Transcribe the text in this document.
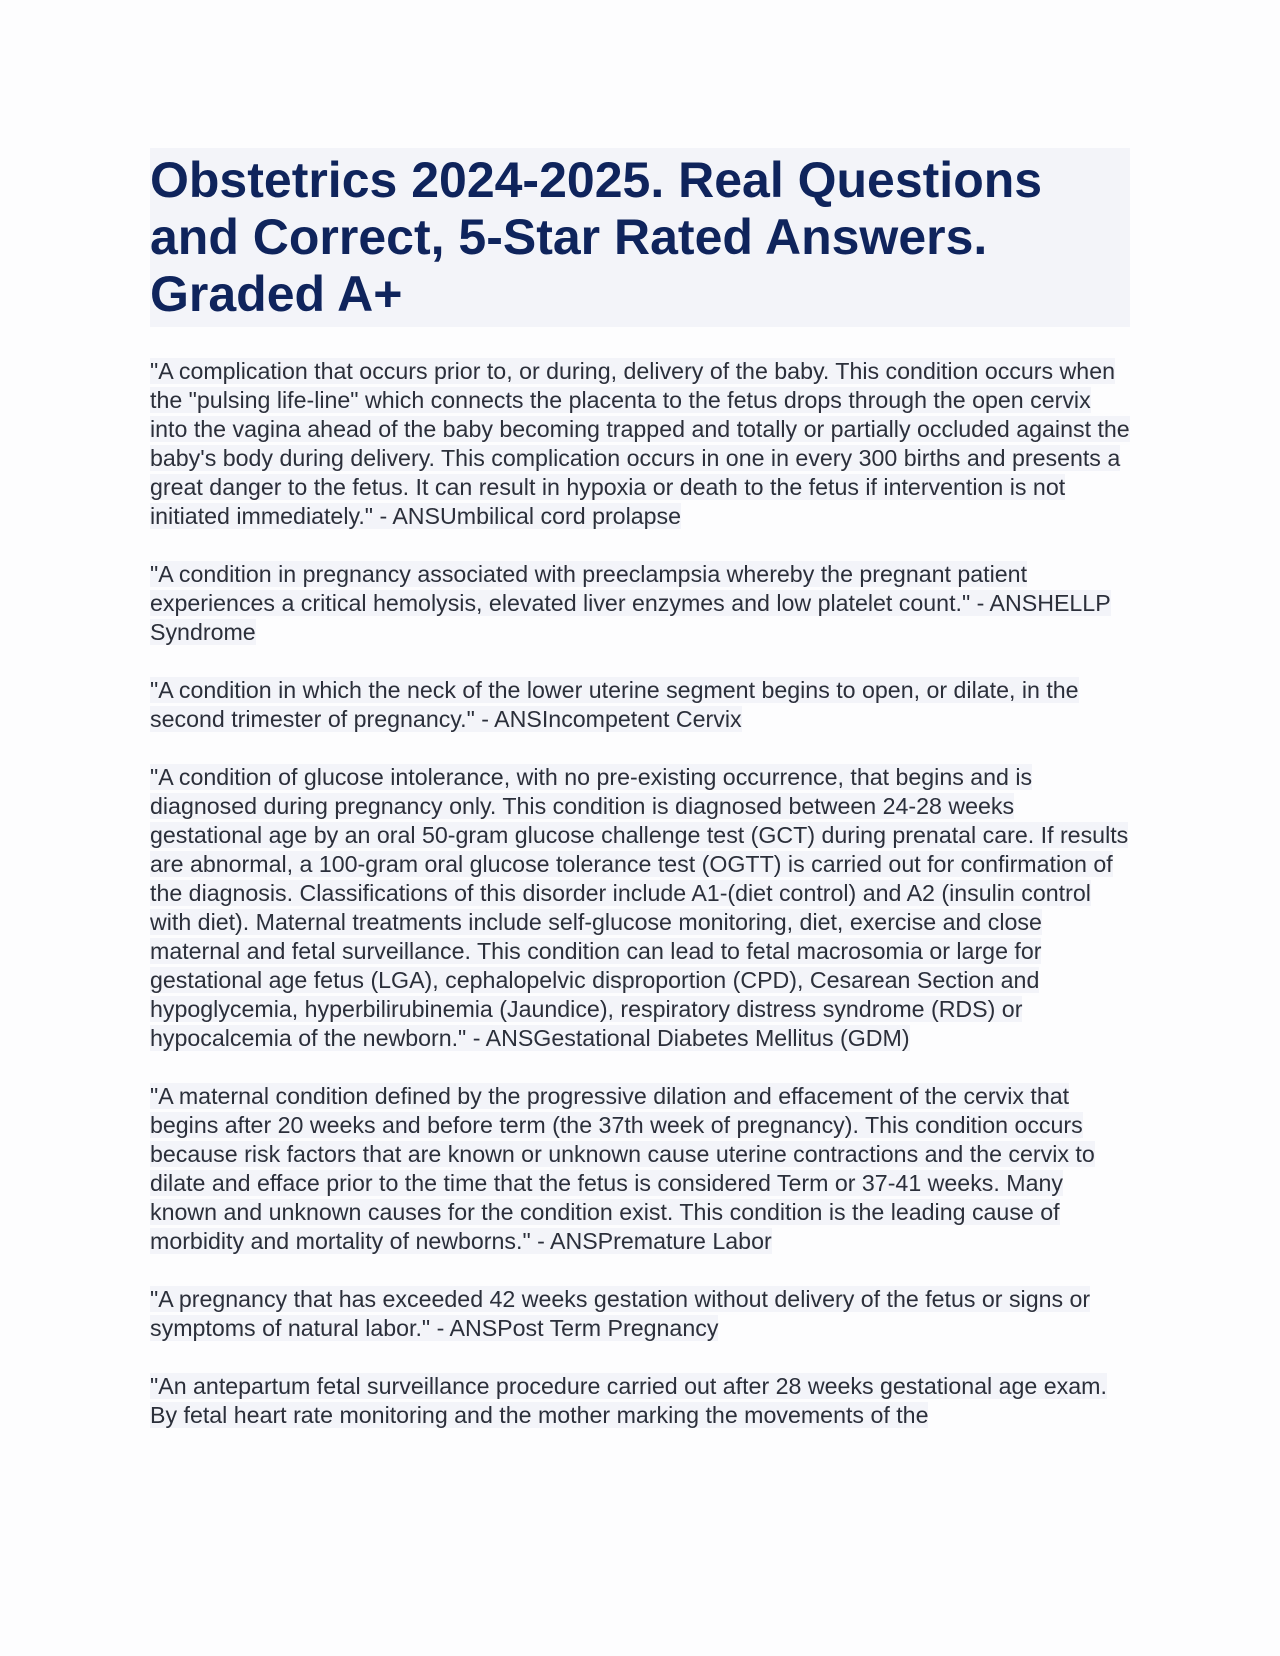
Obstetrics 2024-2025. Real Questions and Correct, 5-Star Rated Answers. Graded A+

"A complication that occurs prior to, or during, delivery of the baby. This condition occurs when the "pulsing life-line" which connects the placenta to the fetus drops through the open cervix into the vagina ahead of the baby becoming trapped and totally or partially occluded against the baby's body during delivery. This complication occurs in one in every 300 births and presents a great danger to the fetus. It can result in hypoxia or death to the fetus if intervention is not initiated immediately." - ANSUmbilical cord prolapse

"A condition in pregnancy associated with preeclampsia whereby the pregnant patient experiences a critical hemolysis, elevated liver enzymes and low platelet count." - ANSHELLP Syndrome

"A condition in which the neck of the lower uterine segment begins to open, or dilate, in the second trimester of pregnancy." - ANSIncompetent Cervix

"A condition of glucose intolerance, with no pre-existing occurrence, that begins and is diagnosed during pregnancy only. This condition is diagnosed between 24-28 weeks gestational age by an oral 50-gram glucose challenge test (GCT) during prenatal care. If results are abnormal, a 100-gram oral glucose tolerance test (OGTT) is carried out for confirmation of the diagnosis. Classifications of this disorder include A1-(diet control) and A2 (insulin control with diet). Maternal treatments include self-glucose monitoring, diet, exercise and close maternal and fetal surveillance. This condition can lead to fetal macrosomia or large for gestational age fetus (LGA), cephalopelvic disproportion (CPD), Cesarean Section and hypoglycemia, hyperbilirubinemia (Jaundice), respiratory distress syndrome (RDS) or hypocalcemia of the newborn." - ANSGestational Diabetes Mellitus (GDM)

"A maternal condition defined by the progressive dilation and effacement of the cervix that begins after 20 weeks and before term (the 37th week of pregnancy). This condition occurs because risk factors that are known or unknown cause uterine contractions and the cervix to dilate and efface prior to the time that the fetus is considered Term or 37-41 weeks. Many known and unknown causes for the condition exist. This condition is the leading cause of morbidity and mortality of newborns." - ANSPremature Labor

"A pregnancy that has exceeded 42 weeks gestation without delivery of the fetus or signs or symptoms of natural labor." - ANSPost Term Pregnancy

"An antepartum fetal surveillance procedure carried out after 28 weeks gestational age exam. By fetal heart rate monitoring and the mother marking the movements of the
